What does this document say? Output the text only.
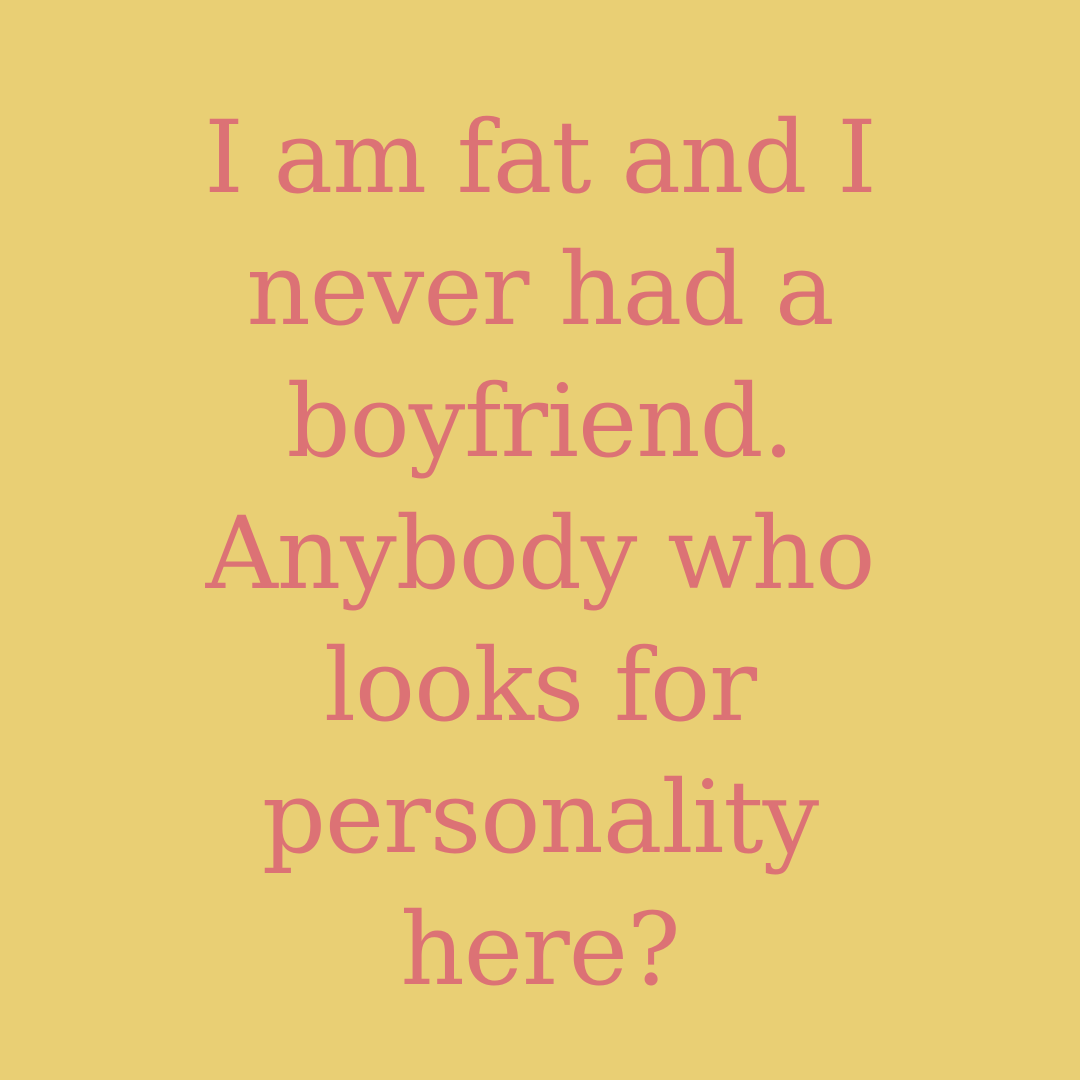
I am fat and I
never had a
boyfriend.
Anybody who
looks for
personality
here?
